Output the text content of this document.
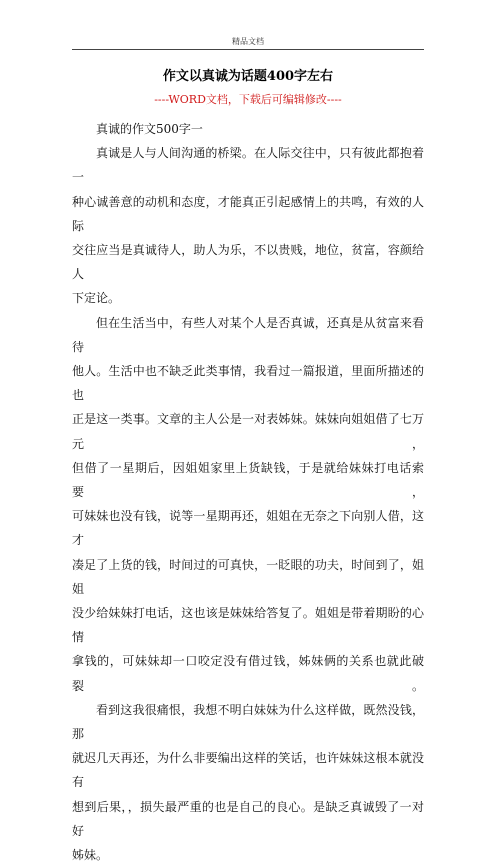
精品文档
作文以真诚为话题400字左右
----WORD文档，下载后可编辑修改----

真诚的作文500字一

真诚是人与人间沟通的桥梁。在人际交往中，只有彼此都抱着一
种心诚善意的动机和态度，才能真正引起感情上的共鸣，有效的人际
交往应当是真诚待人，助人为乐，不以贵贱，地位，贫富，容颜给人
下定论。

但在生活当中，有些人对某个人是否真诚，还真是从贫富来看待
他人。生活中也不缺乏此类事情，我看过一篇报道，里面所描述的也
正是这一类事。文章的主人公是一对表姊妹。妹妹向姐姐借了七万元，
但借了一星期后，因姐姐家里上货缺钱，于是就给妹妹打电话索要，
可妹妹也没有钱，说等一星期再还，姐姐在无奈之下向别人借，这才
凑足了上货的钱，时间过的可真快，一眨眼的功夫，时间到了，姐姐
没少给妹妹打电话，这也该是妹妹给答复了。姐姐是带着期盼的心情
拿钱的，可妹妹却一口咬定没有借过钱，姊妹俩的关系也就此破裂。

看到这我很痛恨，我想不明白妹妹为什么这样做，既然没钱，那
就迟几天再还，为什么非要编出这样的笑话，也许妹妹这根本就没有
想到后果，，损失最严重的也是自己的良心。是缺乏真诚毁了一对好
姊妹。
